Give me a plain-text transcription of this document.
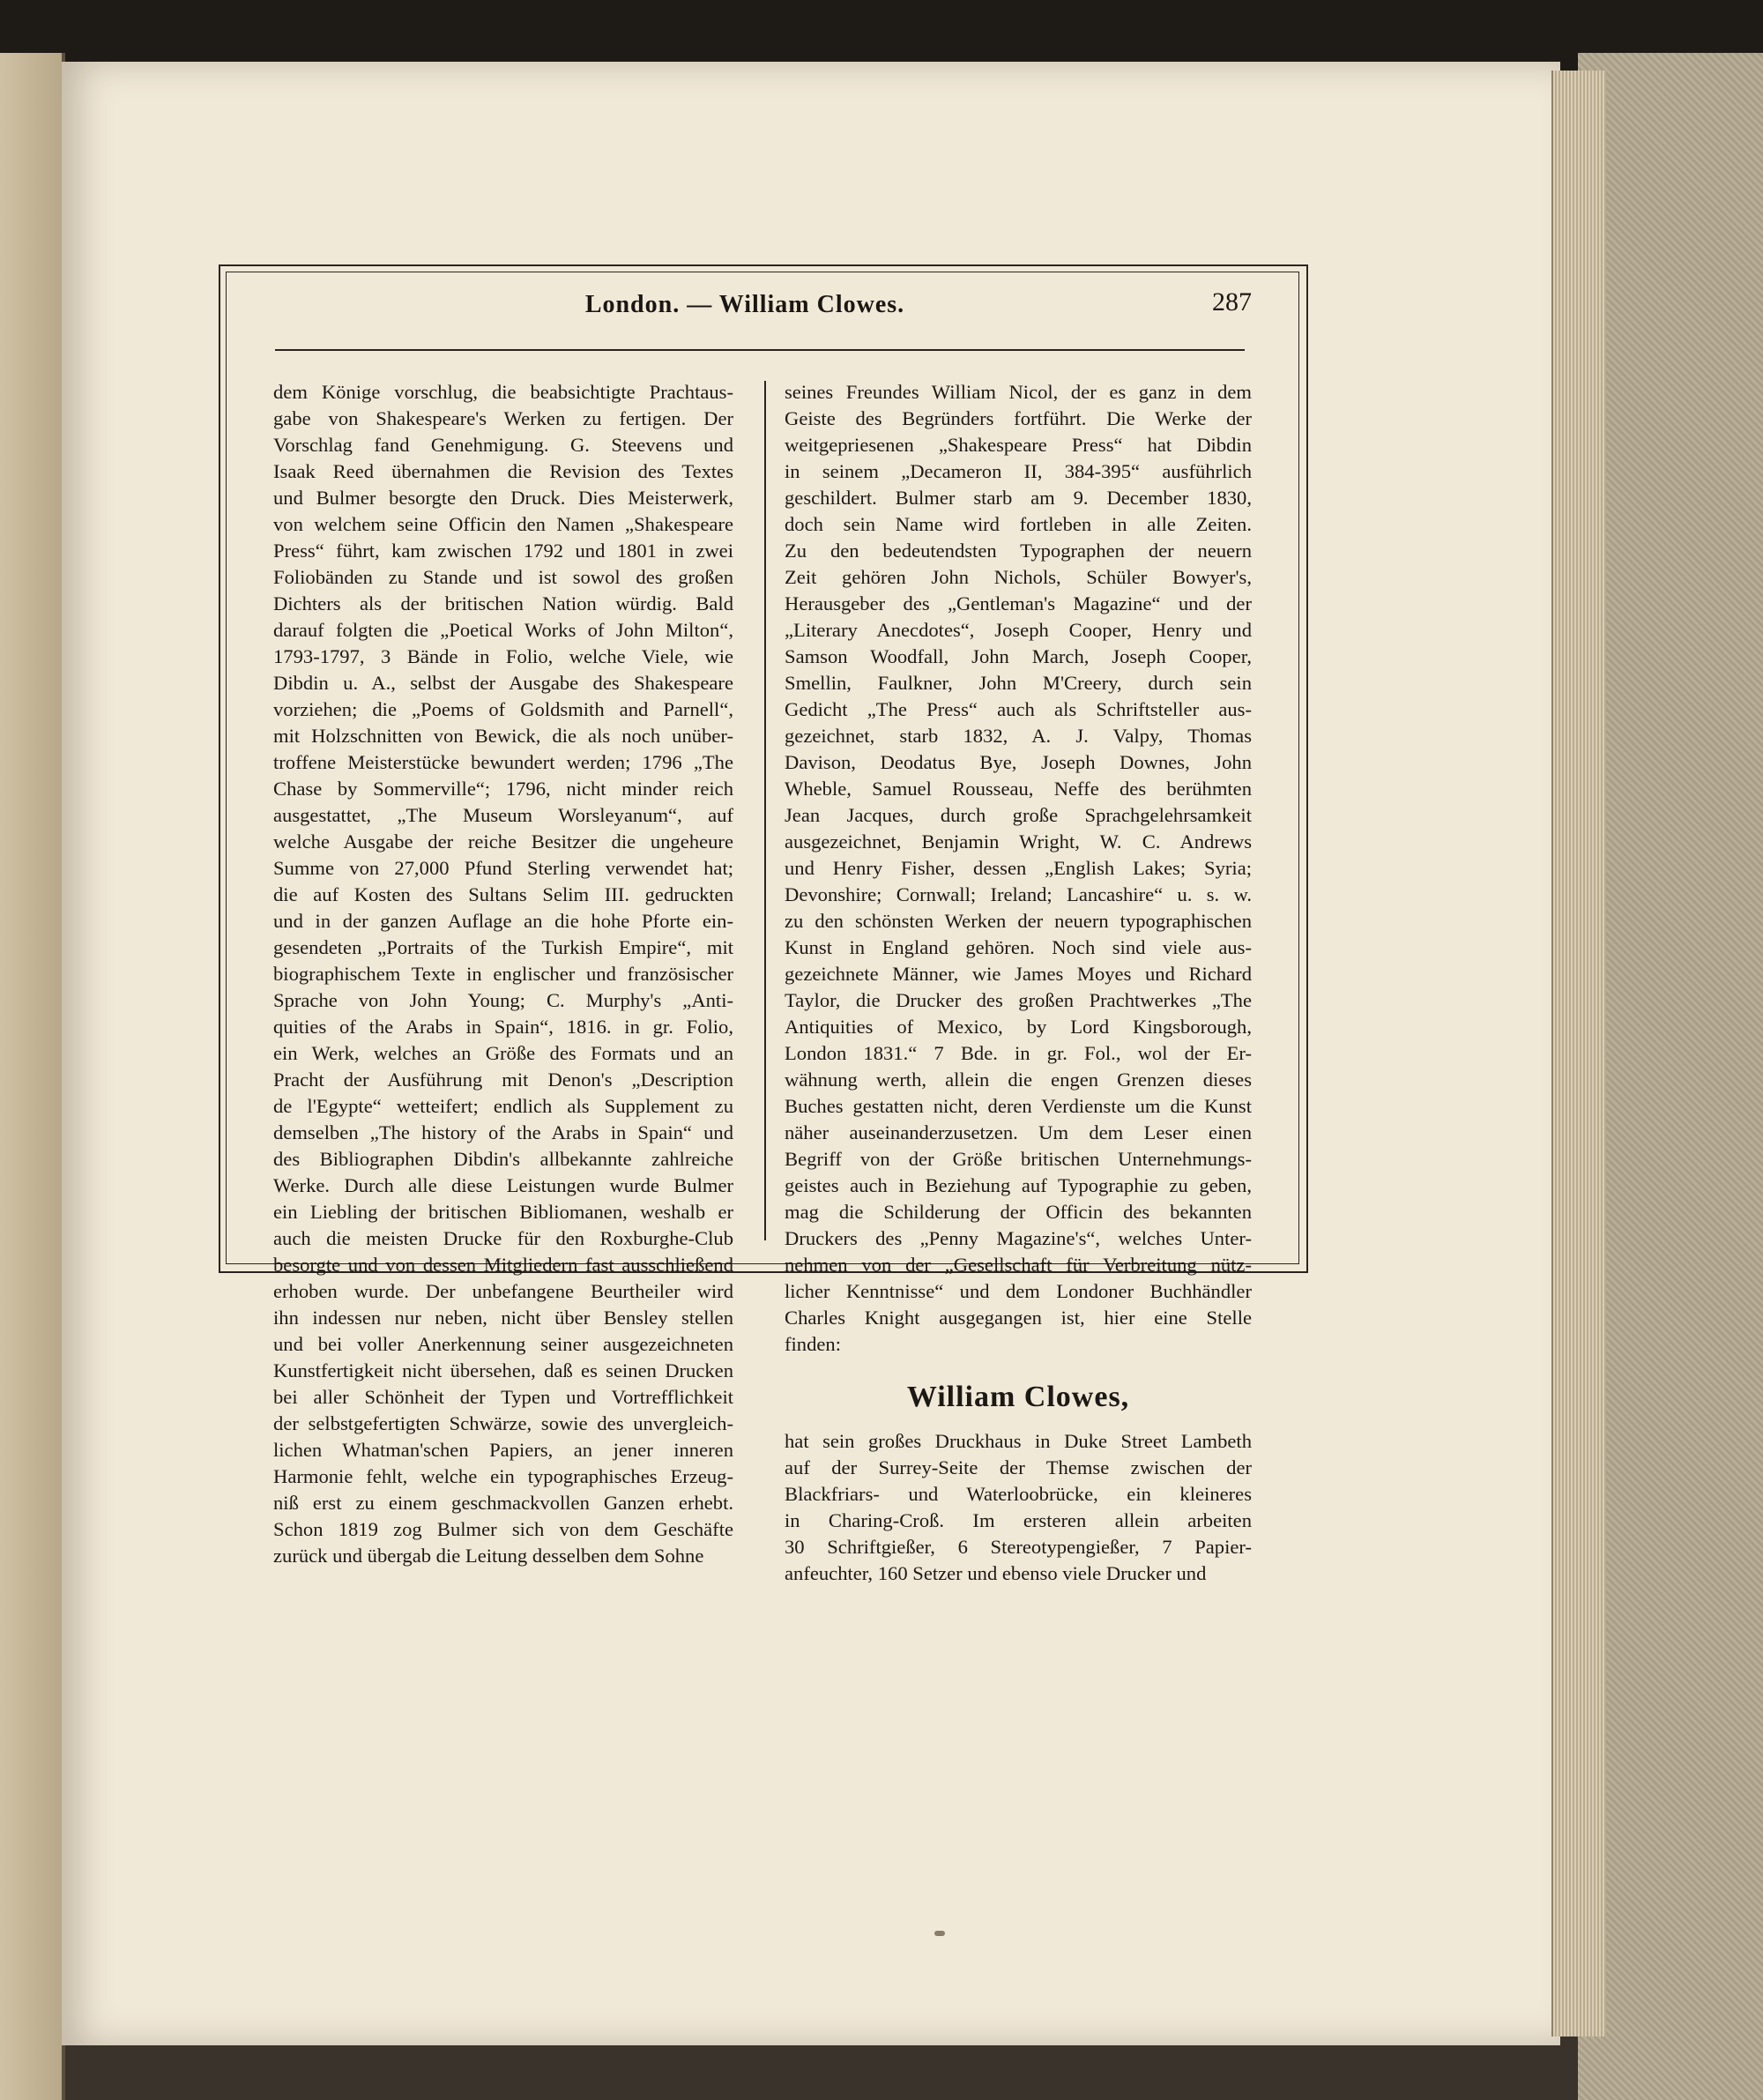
London. — William Clowes.	287
dem Könige vorschlug, die beabsichtigte Prachtaus-
gabe von Shakespeare's Werken zu fertigen. Der
Vorschlag fand Genehmigung. G. Steevens und
Isaak Reed übernahmen die Revision des Textes
und Bulmer besorgte den Druck. Dies Meisterwerk,
von welchem seine Officin den Namen „Shakespeare
Press“ führt, kam zwischen 1792 und 1801 in zwei
Foliobänden zu Stande und ist sowol des großen
Dichters als der britischen Nation würdig. Bald
darauf folgten die „Poetical Works of John Milton“,
1793-1797, 3 Bände in Folio, welche Viele, wie
Dibdin u. A., selbst der Ausgabe des Shakespeare
vorziehen; die „Poems of Goldsmith and Parnell“,
mit Holzschnitten von Bewick, die als noch unüber-
troffene Meisterstücke bewundert werden; 1796 „The
Chase by Sommerville“; 1796, nicht minder reich
ausgestattet, „The Museum Worsleyanum“, auf
welche Ausgabe der reiche Besitzer die ungeheure
Summe von 27,000 Pfund Sterling verwendet hat;
die auf Kosten des Sultans Selim III. gedruckten
und in der ganzen Auflage an die hohe Pforte ein-
gesendeten „Portraits of the Turkish Empire“, mit
biographischem Texte in englischer und französischer
Sprache von John Young; C. Murphy's „Anti-
quities of the Arabs in Spain“, 1816. in gr. Folio,
ein Werk, welches an Größe des Formats und an
Pracht der Ausführung mit Denon's „Description
de l'Egypte“ wetteifert; endlich als Supplement zu
demselben „The history of the Arabs in Spain“ und
des Bibliographen Dibdin's allbekannte zahlreiche
Werke. Durch alle diese Leistungen wurde Bulmer
ein Liebling der britischen Bibliomanen, weshalb er
auch die meisten Drucke für den Roxburghe-Club
besorgte und von dessen Mitgliedern fast ausschließend
erhoben wurde. Der unbefangene Beurtheiler wird
ihn indessen nur neben, nicht über Bensley stellen
und bei voller Anerkennung seiner ausgezeichneten
Kunstfertigkeit nicht übersehen, daß es seinen Drucken
bei aller Schönheit der Typen und Vortrefflichkeit
der selbstgefertigten Schwärze, sowie des unvergleich-
lichen Whatman'schen Papiers, an jener inneren
Harmonie fehlt, welche ein typographisches Erzeug-
niß erst zu einem geschmackvollen Ganzen erhebt.
Schon 1819 zog Bulmer sich von dem Geschäfte
zurück und übergab die Leitung desselben dem Sohne
seines Freundes William Nicol, der es ganz in dem
Geiste des Begründers fortführt. Die Werke der
weitgepriesenen „Shakespeare Press“ hat Dibdin
in seinem „Decameron II, 384-395“ ausführlich
geschildert. Bulmer starb am 9. December 1830,
doch sein Name wird fortleben in alle Zeiten.
Zu den bedeutendsten Typographen der neuern
Zeit gehören John Nichols, Schüler Bowyer's,
Herausgeber des „Gentleman's Magazine“ und der
„Literary Anecdotes“, Joseph Cooper, Henry und
Samson Woodfall, John March, Joseph Cooper,
Smellin, Faulkner, John M'Creery, durch sein
Gedicht „The Press“ auch als Schriftsteller aus-
gezeichnet, starb 1832, A. J. Valpy, Thomas
Davison, Deodatus Bye, Joseph Downes, John
Wheble, Samuel Rousseau, Neffe des berühmten
Jean Jacques, durch große Sprachgelehrsamkeit
ausgezeichnet, Benjamin Wright, W. C. Andrews
und Henry Fisher, dessen „English Lakes; Syria;
Devonshire; Cornwall; Ireland; Lancashire“ u. s. w.
zu den schönsten Werken der neuern typographischen
Kunst in England gehören. Noch sind viele aus-
gezeichnete Männer, wie James Moyes und Richard
Taylor, die Drucker des großen Prachtwerkes „The
Antiquities of Mexico, by Lord Kingsborough,
London 1831.“ 7 Bde. in gr. Fol., wol der Er-
wähnung werth, allein die engen Grenzen dieses
Buches gestatten nicht, deren Verdienste um die Kunst
näher auseinanderzusetzen. Um dem Leser einen
Begriff von der Größe britischen Unternehmungs-
geistes auch in Beziehung auf Typographie zu geben,
mag die Schilderung der Officin des bekannten
Druckers des „Penny Magazine's“, welches Unter-
nehmen von der „Gesellschaft für Verbreitung nütz-
licher Kenntnisse“ und dem Londoner Buchhändler
Charles Knight ausgegangen ist, hier eine Stelle
finden:
William Clowes,
hat sein großes Druckhaus in Duke Street Lambeth
auf der Surrey-Seite der Themse zwischen der
Blackfriars- und Waterloobrücke, ein kleineres
in Charing-Croß. Im ersteren allein arbeiten
30 Schriftgießer, 6 Stereotypengießer, 7 Papier-
anfeuchter, 160 Setzer und ebenso viele Drucker und
